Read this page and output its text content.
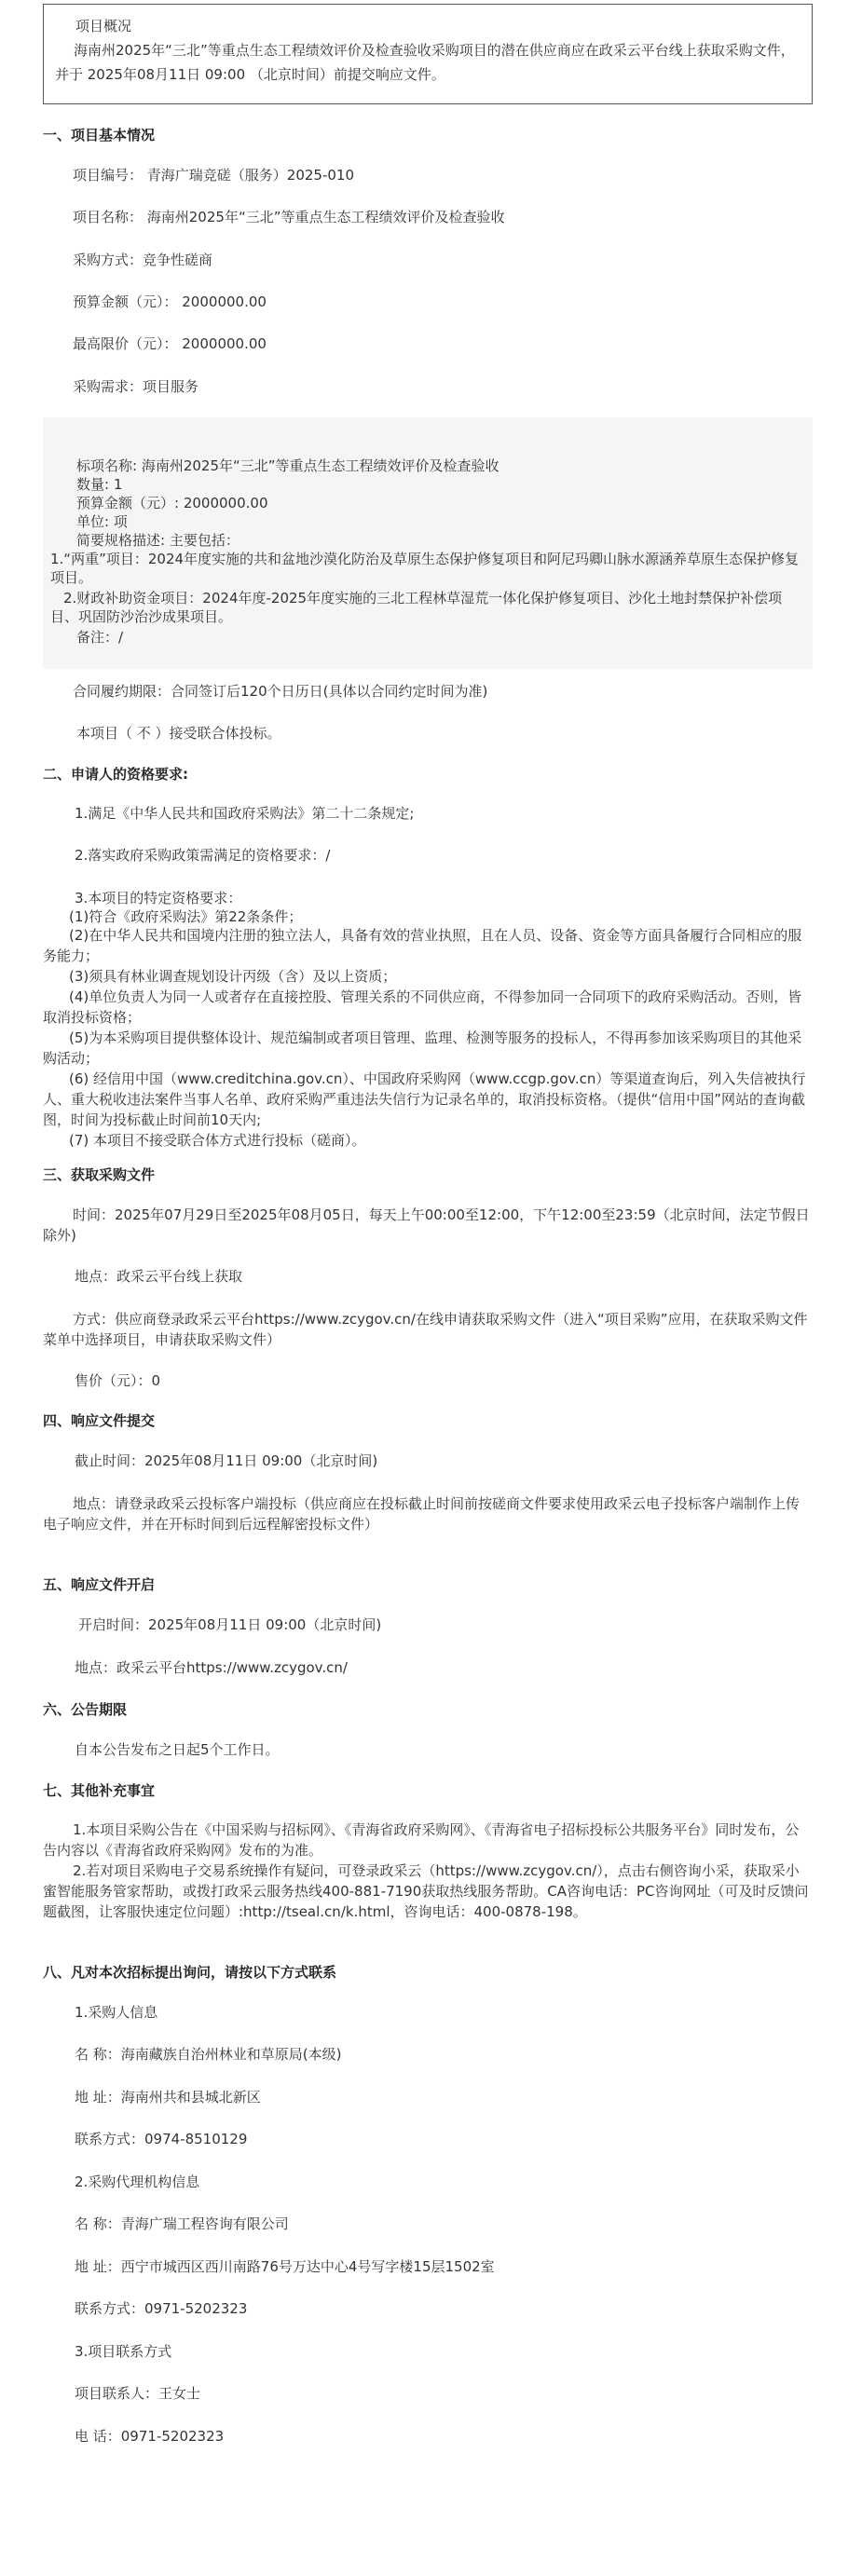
项目概况
海南州2025年“三北”等重点生态工程绩效评价及检查验收采购项目的潜在供应商应在政采云平台线上获取采购文件，并于 2025年08月11日 09:00 （北京时间）前提交响应文件。
一、项目基本情况
项目编号： 青海广瑞竞磋（服务）2025-010
项目名称： 海南州2025年“三北”等重点生态工程绩效评价及检查验收
采购方式：竞争性磋商
预算金额（元）： 2000000.00
最高限价（元）： 2000000.00
采购需求：项目服务
标项名称: 海南州2025年“三北”等重点生态工程绩效评价及检查验收
数量: 1
预算金额（元）: 2000000.00
单位: 项
简要规格描述: 主要包括：
1.“两重”项目：2024年度实施的共和盆地沙漠化防治及草原生态保护修复项目和阿尼玛卿山脉水源涵养草原生态保护修复项目。
2.财政补助资金项目：2024年度-2025年度实施的三北工程林草湿荒一体化保护修复项目、沙化土地封禁保护补偿项目、巩固防沙治沙成果项目。
备注：/
合同履约期限：合同签订后120个日历日(具体以合同约定时间为准)
本项目（ 不 ）接受联合体投标。
二、申请人的资格要求:
1.满足《中华人民共和国政府采购法》第二十二条规定;
2.落实政府采购政策需满足的资格要求：/
3.本项目的特定资格要求：
(1)符合《政府采购法》第22条条件；
(2)在中华人民共和国境内注册的独立法人，具备有效的营业执照，且在人员、设备、资金等方面具备履行合同相应的服务能力；
(3)须具有林业调查规划设计丙级（含）及以上资质；
(4)单位负责人为同一人或者存在直接控股、管理关系的不同供应商，不得参加同一合同项下的政府采购活动。否则，皆取消投标资格；
(5)为本采购项目提供整体设计、规范编制或者项目管理、监理、检测等服务的投标人，不得再参加该采购项目的其他采购活动；
(6) 经信用中国（www.creditchina.gov.cn）、中国政府采购网（www.ccgp.gov.cn）等渠道查询后，列入失信被执行人、重大税收违法案件当事人名单、政府采购严重违法失信行为记录名单的，取消投标资格。（提供“信用中国”网站的查询截图，时间为投标截止时间前10天内;
(7) 本项目不接受联合体方式进行投标（磋商）。
三、获取采购文件
时间：2025年07月29日至2025年08月05日，每天上午00:00至12:00，下午12:00至23:59（北京时间，法定节假日除外)
地点：政采云平台线上获取
方式：供应商登录政采云平台https://www.zcygov.cn/在线申请获取采购文件（进入“项目采购”应用，在获取采购文件菜单中选择项目，申请获取采购文件）
售价（元）：0
四、响应文件提交
截止时间：2025年08月11日 09:00（北京时间)
地点：请登录政采云投标客户端投标（供应商应在投标截止时间前按磋商文件要求使用政采云电子投标客户端制作上传电子响应文件，并在开标时间到后远程解密投标文件）
五、响应文件开启
开启时间：2025年08月11日 09:00（北京时间)
地点：政采云平台https://www.zcygov.cn/
六、公告期限
自本公告发布之日起5个工作日。
七、其他补充事宜
1.本项目采购公告在《中国采购与招标网》、《青海省政府采购网》、《青海省电子招标投标公共服务平台》同时发布，公告内容以《青海省政府采购网》发布的为准。
2.若对项目采购电子交易系统操作有疑问，可登录政采云（https://www.zcygov.cn/），点击右侧咨询小采，获取采小蜜智能服务管家帮助，或拨打政采云服务热线400-881-7190获取热线服务帮助。CA咨询电话：PC咨询网址（可及时反馈问题截图，让客服快速定位问题）:http://tseal.cn/k.html，咨询电话：400-0878-198。
八、凡对本次招标提出询问，请按以下方式联系
1.采购人信息
名 称：海南藏族自治州林业和草原局(本级)
地 址：海南州共和县城北新区
联系方式：0974-8510129
2.采购代理机构信息
名 称：青海广瑞工程咨询有限公司
地 址：西宁市城西区西川南路76号万达中心4号写字楼15层1502室
联系方式：0971-5202323
3.项目联系方式
项目联系人：王女士
电 话：0971-5202323
